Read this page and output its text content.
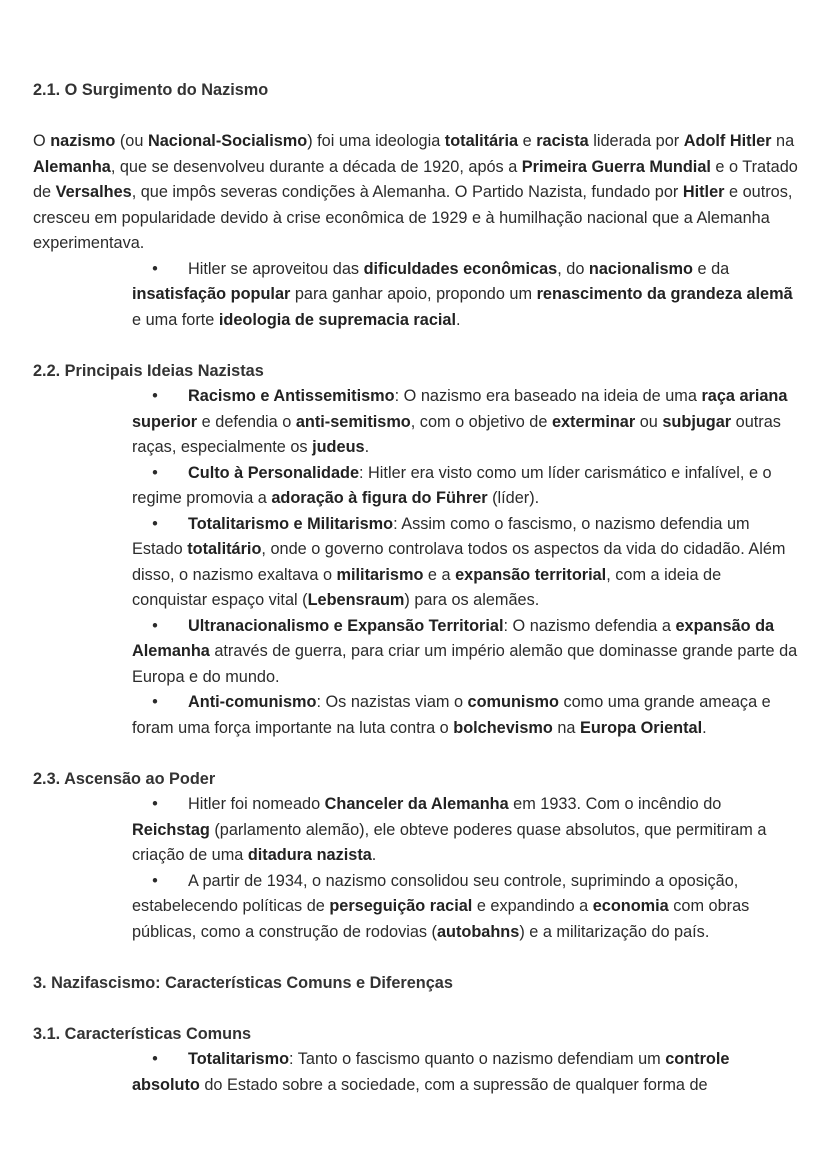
2.1. O Surgimento do Nazismo

O nazismo (ou Nacional-Socialismo) foi uma ideologia totalitária e racista liderada por Adolf Hitler na Alemanha, que se desenvolveu durante a década de 1920, após a Primeira Guerra Mundial e o Tratado de Versalhes, que impôs severas condições à Alemanha. O Partido Nazista, fundado por Hitler e outros, cresceu em popularidade devido à crise econômica de 1929 e à humilhação nacional que a Alemanha experimentava.

• Hitler se aproveitou das dificuldades econômicas, do nacionalismo e da insatisfação popular para ganhar apoio, propondo um renascimento da grandeza alemã e uma forte ideologia de supremacia racial.

2.2. Principais Ideias Nazistas

• Racismo e Antissemitismo: O nazismo era baseado na ideia de uma raça ariana superior e defendia o anti-semitismo, com o objetivo de exterminar ou subjugar outras raças, especialmente os judeus.

• Culto à Personalidade: Hitler era visto como um líder carismático e infalível, e o regime promovia a adoração à figura do Führer (líder).

• Totalitarismo e Militarismo: Assim como o fascismo, o nazismo defendia um Estado totalitário, onde o governo controlava todos os aspectos da vida do cidadão. Além disso, o nazismo exaltava o militarismo e a expansão territorial, com a ideia de conquistar espaço vital (Lebensraum) para os alemães.

• Ultranacionalismo e Expansão Territorial: O nazismo defendia a expansão da Alemanha através de guerra, para criar um império alemão que dominasse grande parte da Europa e do mundo.

• Anti-comunismo: Os nazistas viam o comunismo como uma grande ameaça e foram uma força importante na luta contra o bolchevismo na Europa Oriental.

2.3. Ascensão ao Poder

• Hitler foi nomeado Chanceler da Alemanha em 1933. Com o incêndio do Reichstag (parlamento alemão), ele obteve poderes quase absolutos, que permitiram a criação de uma ditadura nazista.

• A partir de 1934, o nazismo consolidou seu controle, suprimindo a oposição, estabelecendo políticas de perseguição racial e expandindo a economia com obras públicas, como a construção de rodovias (autobahns) e a militarização do país.

3. Nazifascismo: Características Comuns e Diferenças

3.1. Características Comuns

• Totalitarismo: Tanto o fascismo quanto o nazismo defendiam um controle absoluto do Estado sobre a sociedade, com a supressão de qualquer forma de
